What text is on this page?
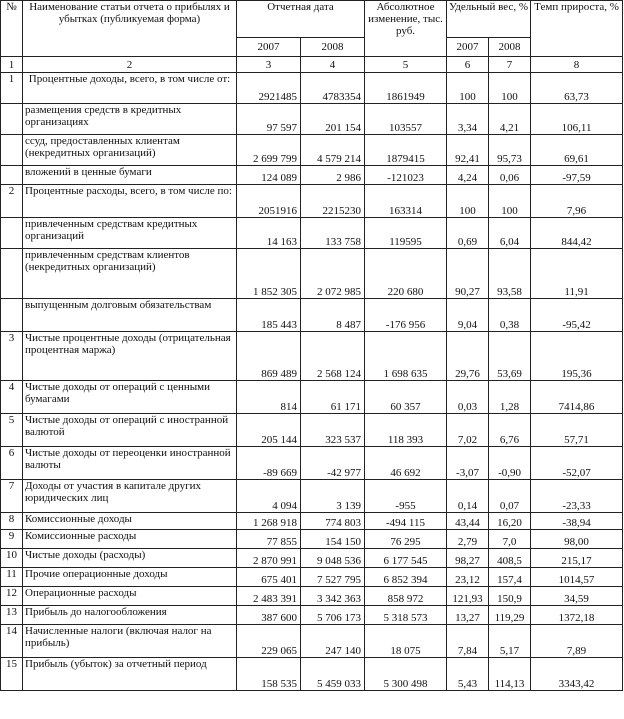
№	Наименование статьи отчета о прибылях и убытках (публикуемая форма)	Отчетная дата		Абсолютное изменение, тыс. руб.	Удельный вес, %		Темп прироста, %
		2007	2008		2007	2008	
1	2	3	4	5	6	7	8
1	Процентные доходы, всего, в том числе от:	2921485	4783354	1861949	100	100	63,73
	размещения средств в кредитных организациях	97 597	201 154	103557	3,34	4,21	106,11
	ссуд, предоставленных клиентам (некредитных организаций)	2 699 799	4 579 214	1879415	92,41	95,73	69,61
	вложений в ценные бумаги	124 089	2 986	-121023	4,24	0,06	-97,59
2	Процентные расходы, всего, в том числе по:	2051916	2215230	163314	100	100	7,96
	привлеченным средствам кредитных организаций	14 163	133 758	119595	0,69	6,04	844,42
	привлеченным средствам клиентов (некредитных организаций)	1 852 305	2 072 985	220 680	90,27	93,58	11,91
	выпущенным долговым обязательствам	185 443	8 487	-176 956	9,04	0,38	-95,42
3	Чистые процентные доходы (отрицательная процентная маржа)	869 489	2 568 124	1 698 635	29,76	53,69	195,36
4	Чистые доходы от операций с ценными бумагами	814	61 171	60 357	0,03	1,28	7414,86
5	Чистые доходы от операций с иностранной валютой	205 144	323 537	118 393	7,02	6,76	57,71
6	Чистые доходы от переоценки иностранной валюты	-89 669	-42 977	46 692	-3,07	-0,90	-52,07
7	Доходы от участия в капитале других юридических лиц	4 094	3 139	-955	0,14	0,07	-23,33
8	Комиссионные доходы	1 268 918	774 803	-494 115	43,44	16,20	-38,94
9	Комиссионные расходы	77 855	154 150	76 295	2,79	7,0	98,00
10	Чистые доходы (расходы)	2 870 991	9 048 536	6 177 545	98,27	408,5	215,17
11	Прочие операционные доходы	675 401	7 527 795	6 852 394	23,12	157,4	1014,57
12	Операционные расходы	2 483 391	3 342 363	858 972	121,93	150,9	34,59
13	Прибыль до налогообложения	387 600	5 706 173	5 318 573	13,27	119,29	1372,18
14	Начисленные налоги (включая налог на прибыль)	229 065	247 140	18 075	7,84	5,17	7,89
15	Прибыль (убыток) за отчетный период	158 535	5 459 033	5 300 498	5,43	114,13	3343,42
